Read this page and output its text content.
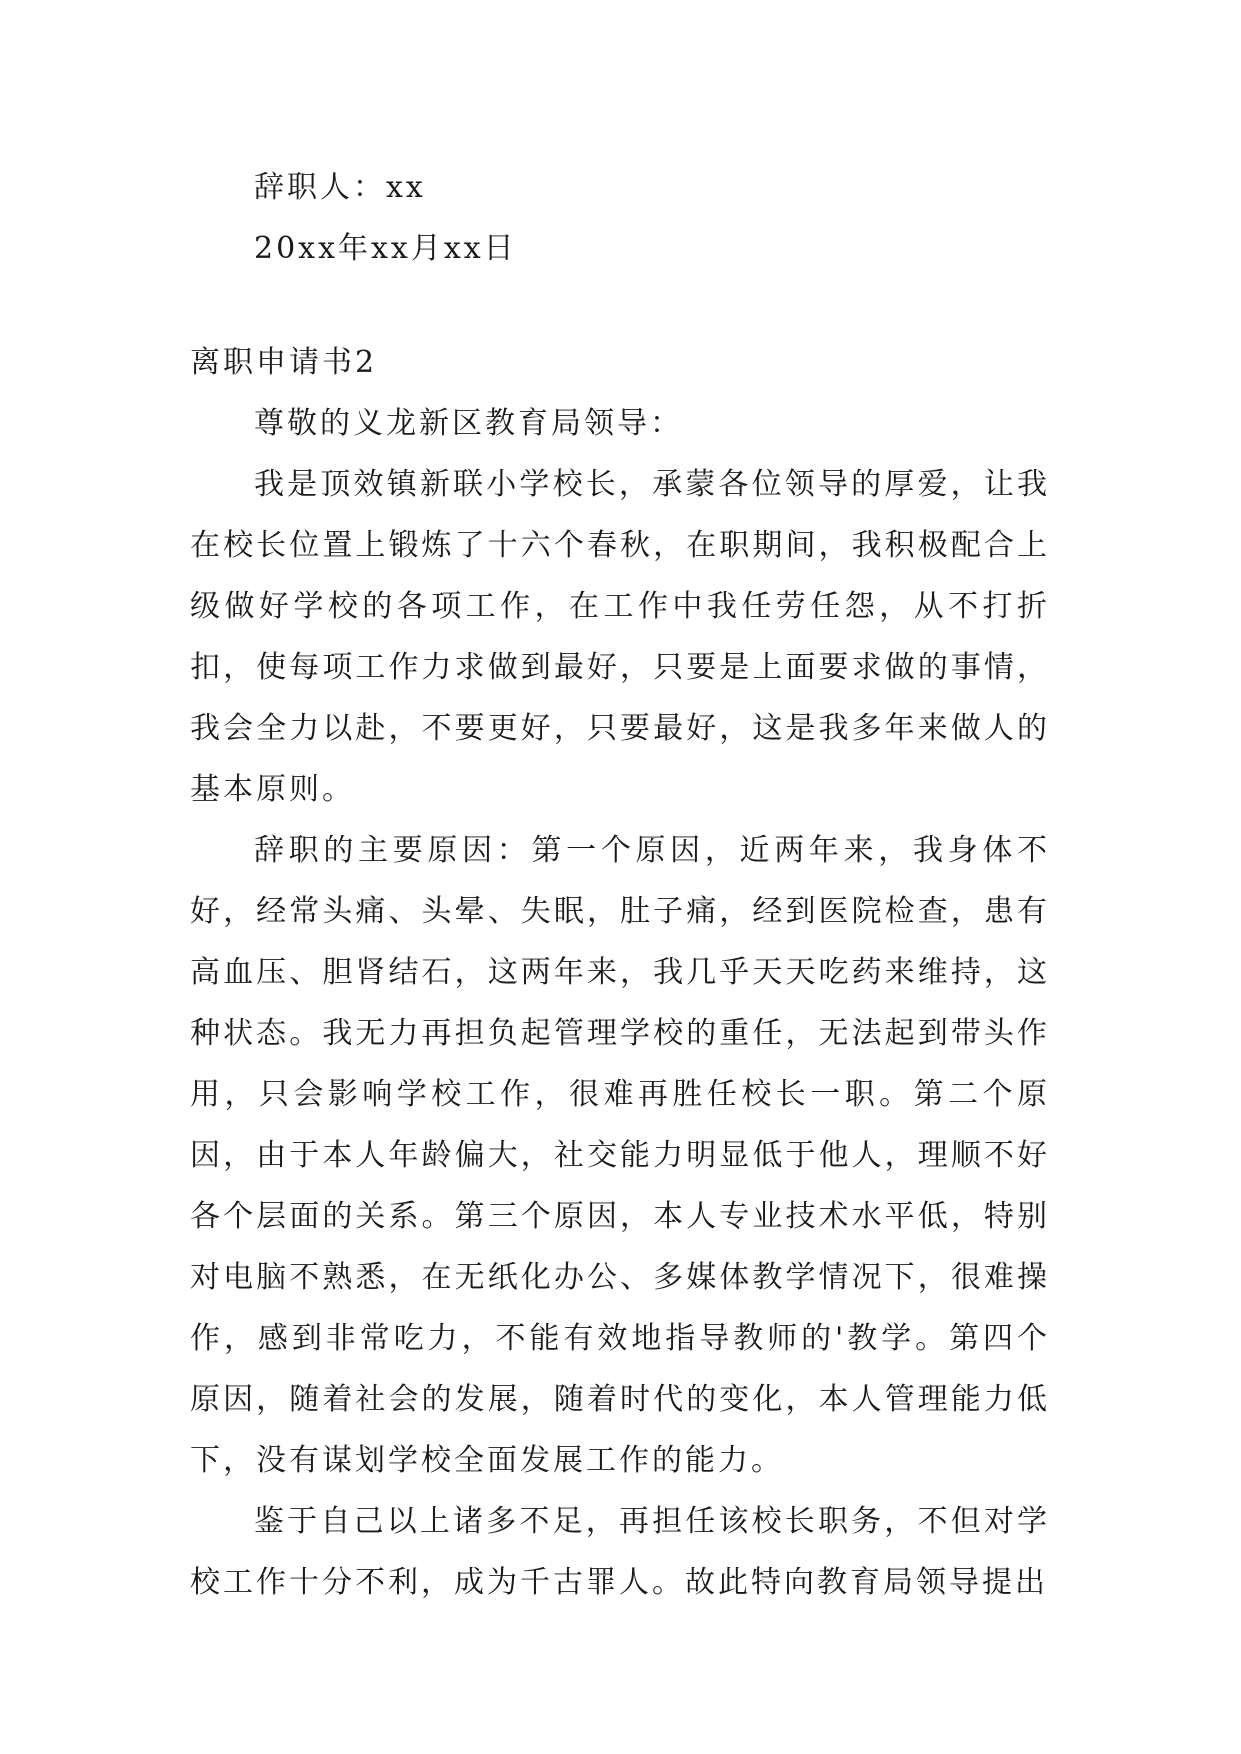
辞职人：xx

20xx年xx月xx日

离职申请书2

尊敬的义龙新区教育局领导：

我是顶效镇新联小学校长，承蒙各位领导的厚爱，让我在校长位置上锻炼了十六个春秋，在职期间，我积极配合上级做好学校的各项工作，在工作中我任劳任怨，从不打折扣，使每项工作力求做到最好，只要是上面要求做的事情，我会全力以赴，不要更好，只要最好，这是我多年来做人的基本原则。

辞职的主要原因：第一个原因，近两年来，我身体不好，经常头痛、头晕、失眠，肚子痛，经到医院检查，患有高血压、胆肾结石，这两年来，我几乎天天吃药来维持，这种状态。我无力再担负起管理学校的重任，无法起到带头作用，只会影响学校工作，很难再胜任校长一职。第二个原因，由于本人年龄偏大，社交能力明显低于他人，理顺不好各个层面的关系。第三个原因，本人专业技术水平低，特别对电脑不熟悉，在无纸化办公、多媒体教学情况下，很难操作，感到非常吃力，不能有效地指导教师的'教学。第四个原因，随着社会的发展，随着时代的变化，本人管理能力低下，没有谋划学校全面发展工作的能力。

鉴于自己以上诸多不足，再担任该校长职务，不但对学校工作十分不利，成为千古罪人。故此特向教育局领导提出
